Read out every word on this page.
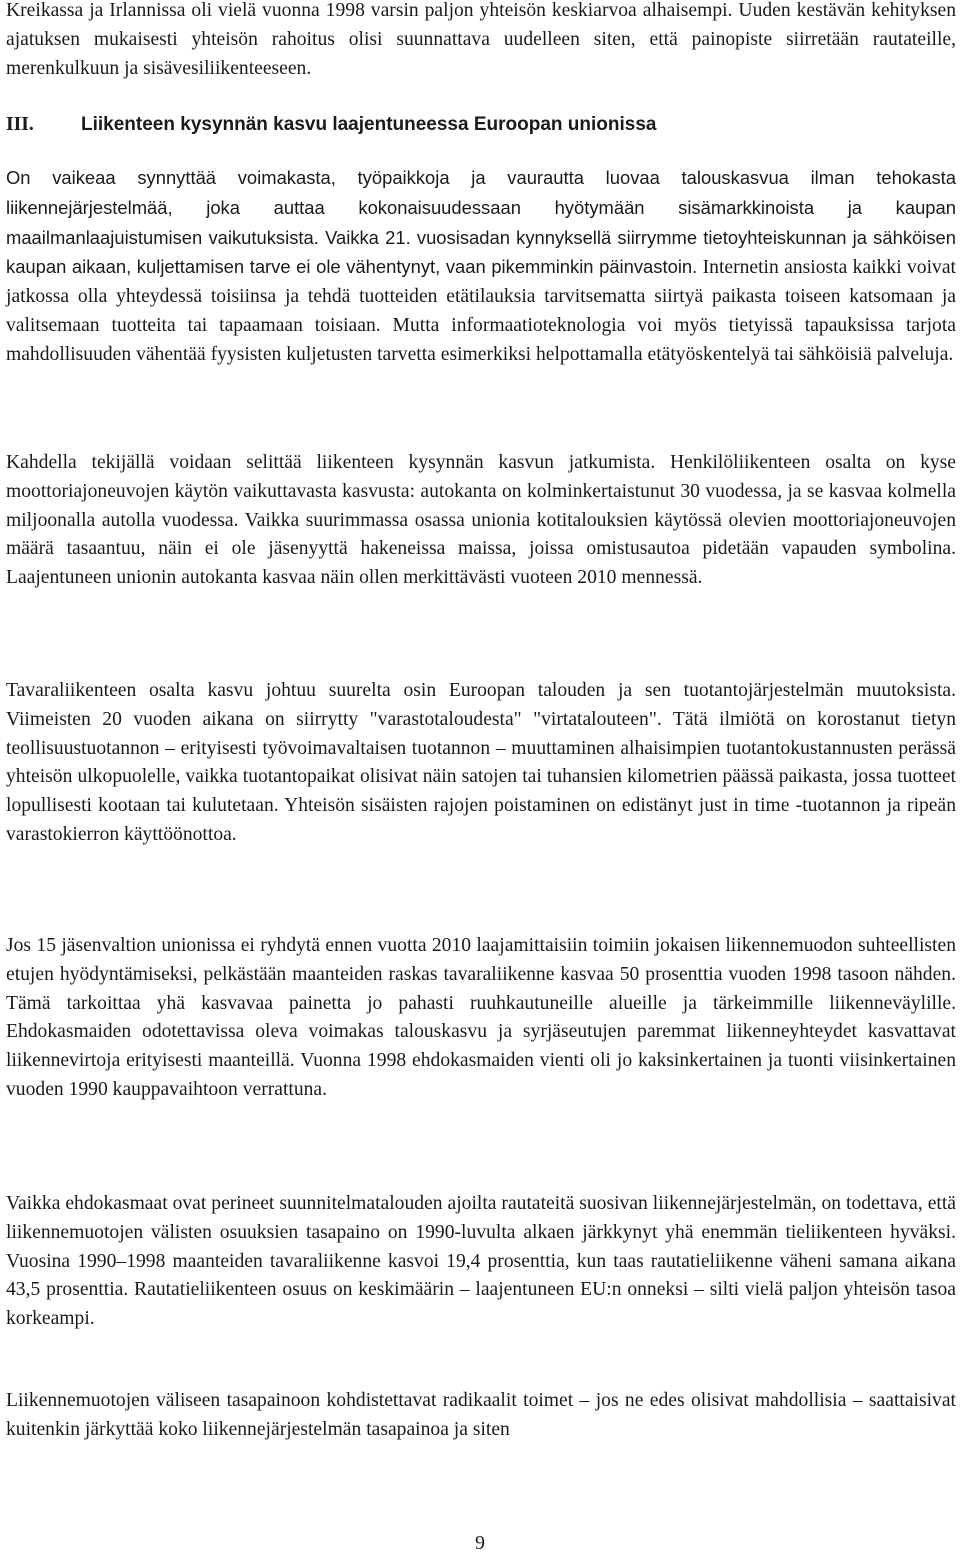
Kreikassa ja Irlannissa oli vielä vuonna 1998 varsin paljon yhteisön keskiarvoa alhaisempi. Uuden kestävän kehityksen ajatuksen mukaisesti yhteisön rahoitus olisi suunnattava uudelleen siten, että painopiste siirretään rautateille, merenkulkuun ja sisävesiliikenteeseen.

III. Liikenteen kysynnän kasvu laajentuneessa Euroopan unionissa

On vaikeaa synnyttää voimakasta, työpaikkoja ja vaurautta luovaa talouskasvua ilman tehokasta liikennejärjestelmää, joka auttaa kokonaisuudessaan hyötymään sisämarkkinoista ja kaupan maailmanlaajuistumisen vaikutuksista. Vaikka 21. vuosisadan kynnyksellä siirrymme tietoyhteiskunnan ja sähköisen kaupan aikaan, kuljettamisen tarve ei ole vähentynyt, vaan pikemminkin päinvastoin. Internetin ansiosta kaikki voivat jatkossa olla yhteydessä toisiinsa ja tehdä tuotteiden etätilauksia tarvitsematta siirtyä paikasta toiseen katsomaan ja valitsemaan tuotteita tai tapaamaan toisiaan. Mutta informaatioteknologia voi myös tietyissä tapauksissa tarjota mahdollisuuden vähentää fyysisten kuljetusten tarvetta esimerkiksi helpottamalla etätyöskentelyä tai sähköisiä palveluja.

Kahdella tekijällä voidaan selittää liikenteen kysynnän kasvun jatkumista. Henkilöliikenteen osalta on kyse moottoriajoneuvojen käytön vaikuttavasta kasvusta: autokanta on kolminkertaistunut 30 vuodessa, ja se kasvaa kolmella miljoonalla autolla vuodessa. Vaikka suurimmassa osassa unionia kotitalouksien käytössä olevien moottoriajoneuvojen määrä tasaantuu, näin ei ole jäsenyyttä hakeneissa maissa, joissa omistusautoa pidetään vapauden symbolina. Laajentuneen unionin autokanta kasvaa näin ollen merkittävästi vuoteen 2010 mennessä.

Tavaraliikenteen osalta kasvu johtuu suurelta osin Euroopan talouden ja sen tuotantojärjestelmän muutoksista. Viimeisten 20 vuoden aikana on siirrytty "varastotaloudesta" "virtatalouteen". Tätä ilmiötä on korostanut tietyn teollisuustuotannon – erityisesti työvoimavaltaisen tuotannon – muuttaminen alhaisimpien tuotantokustannusten perässä yhteisön ulkopuolelle, vaikka tuotantopaikat olisivat näin satojen tai tuhansien kilometrien päässä paikasta, jossa tuotteet lopullisesti kootaan tai kulutetaan. Yhteisön sisäisten rajojen poistaminen on edistänyt just in time -tuotannon ja ripeän varastokierron käyttöönottoa.

Jos 15 jäsenvaltion unionissa ei ryhdytä ennen vuotta 2010 laajamittaisiin toimiin jokaisen liikennemuodon suhteellisten etujen hyödyntämiseksi, pelkästään maanteiden raskas tavaraliikenne kasvaa 50 prosenttia vuoden 1998 tasoon nähden. Tämä tarkoittaa yhä kasvavaa painetta jo pahasti ruuhkautuneille alueille ja tärkeimmille liikenneväylille. Ehdokasmaiden odotettavissa oleva voimakas talouskasvu ja syrjäseutujen paremmat liikenneyhteydet kasvattavat liikennevirtoja erityisesti maanteillä. Vuonna 1998 ehdokasmaiden vienti oli jo kaksinkertainen ja tuonti viisinkertainen vuoden 1990 kauppavaihtoon verrattuna.

Vaikka ehdokasmaat ovat perineet suunnitelmatalouden ajoilta rautateitä suosivan liikennejärjestelmän, on todettava, että liikennemuotojen välisten osuuksien tasapaino on 1990-luvulta alkaen järkkynyt yhä enemmän tieliikenteen hyväksi. Vuosina 1990–1998 maanteiden tavaraliikenne kasvoi 19,4 prosenttia, kun taas rautatieliikenne väheni samana aikana 43,5 prosenttia. Rautatieliikenteen osuus on keskimäärin – laajentuneen EU:n onneksi – silti vielä paljon yhteisön tasoa korkeampi.

Liikennemuotojen väliseen tasapainoon kohdistettavat radikaalit toimet – jos ne edes olisivat mahdollisia – saattaisivat kuitenkin järkyttää koko liikennejärjestelmän tasapainoa ja siten

9
